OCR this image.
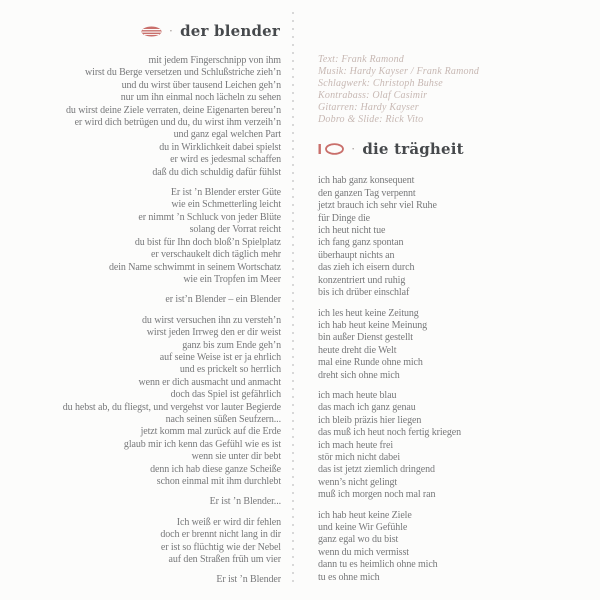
· der blender
mit jedem Fingerschnipp von ihm
wirst du Berge versetzen und Schlußstriche zieh’n
und du wirst über tausend Leichen geh’n
nur um ihn einmal noch lächeln zu sehen
du wirst deine Ziele verraten, deine Eigenarten bereu’n
er wird dich betrügen und du, du wirst ihm verzeih’n
und ganz egal welchen Part
du in Wirklichkeit dabei spielst
er wird es jedesmal schaffen
daß du dich schuldig dafür fühlst
Er ist ’n Blender erster Güte
wie ein Schmetterling leicht
er nimmt ’n Schluck von jeder Blüte
solang der Vorrat reicht
du bist für Ihn doch bloß’n Spielplatz
er verschaukelt dich täglich mehr
dein Name schwimmt in seinem Wortschatz
wie ein Tropfen im Meer
er ist’n Blender – ein Blender
du wirst versuchen ihn zu versteh’n
wirst jeden Irrweg den er dir weist
ganz bis zum Ende geh’n
auf seine Weise ist er ja ehrlich
und es prickelt so herrlich
wenn er dich ausmacht und anmacht
doch das Spiel ist gefährlich
du hebst ab, du fliegst, und vergehst vor lauter Begierde
nach seinen süßen Seufzern...
jetzt komm mal zurück auf die Erde
glaub mir ich kenn das Gefühl wie es ist
wenn sie unter dir bebt
denn ich hab diese ganze Scheiße
schon einmal mit ihm durchlebt
Er ist ’n Blender...
Ich weiß er wird dir fehlen
doch er brennt nicht lang in dir
er ist so flüchtig wie der Nebel
auf den Straßen früh um vier
Er ist ’n Blender
Text: Frank Ramond
Musik: Hardy Kayser / Frank Ramond
Schlagwerk: Christoph Buhse
Kontrabass: Olaf Casimir
Gitarren: Hardy Kayser
Dobro & Slide: Rick Vito
· die trägheit
ich hab ganz konsequent
den ganzen Tag verpennt
jetzt brauch ich sehr viel Ruhe
für Dinge die
ich heut nicht tue
ich fang ganz spontan
überhaupt nichts an
das zieh ich eisern durch
konzentriert und ruhig
bis ich drüber einschlaf
ich les heut keine Zeitung
ich hab heut keine Meinung
bin außer Dienst gestellt
heute dreht die Welt
mal eine Runde ohne mich
dreht sich ohne mich
ich mach heute blau
das mach ich ganz genau
ich bleib präzis hier liegen
das muß ich heut noch fertig kriegen
ich mach heute frei
stör mich nicht dabei
das ist jetzt ziemlich dringend
wenn’s nicht gelingt
muß ich morgen noch mal ran
ich hab heut keine Ziele
und keine Wir Gefühle
ganz egal wo du bist
wenn du mich vermisst
dann tu es heimlich ohne mich
tu es ohne mich
